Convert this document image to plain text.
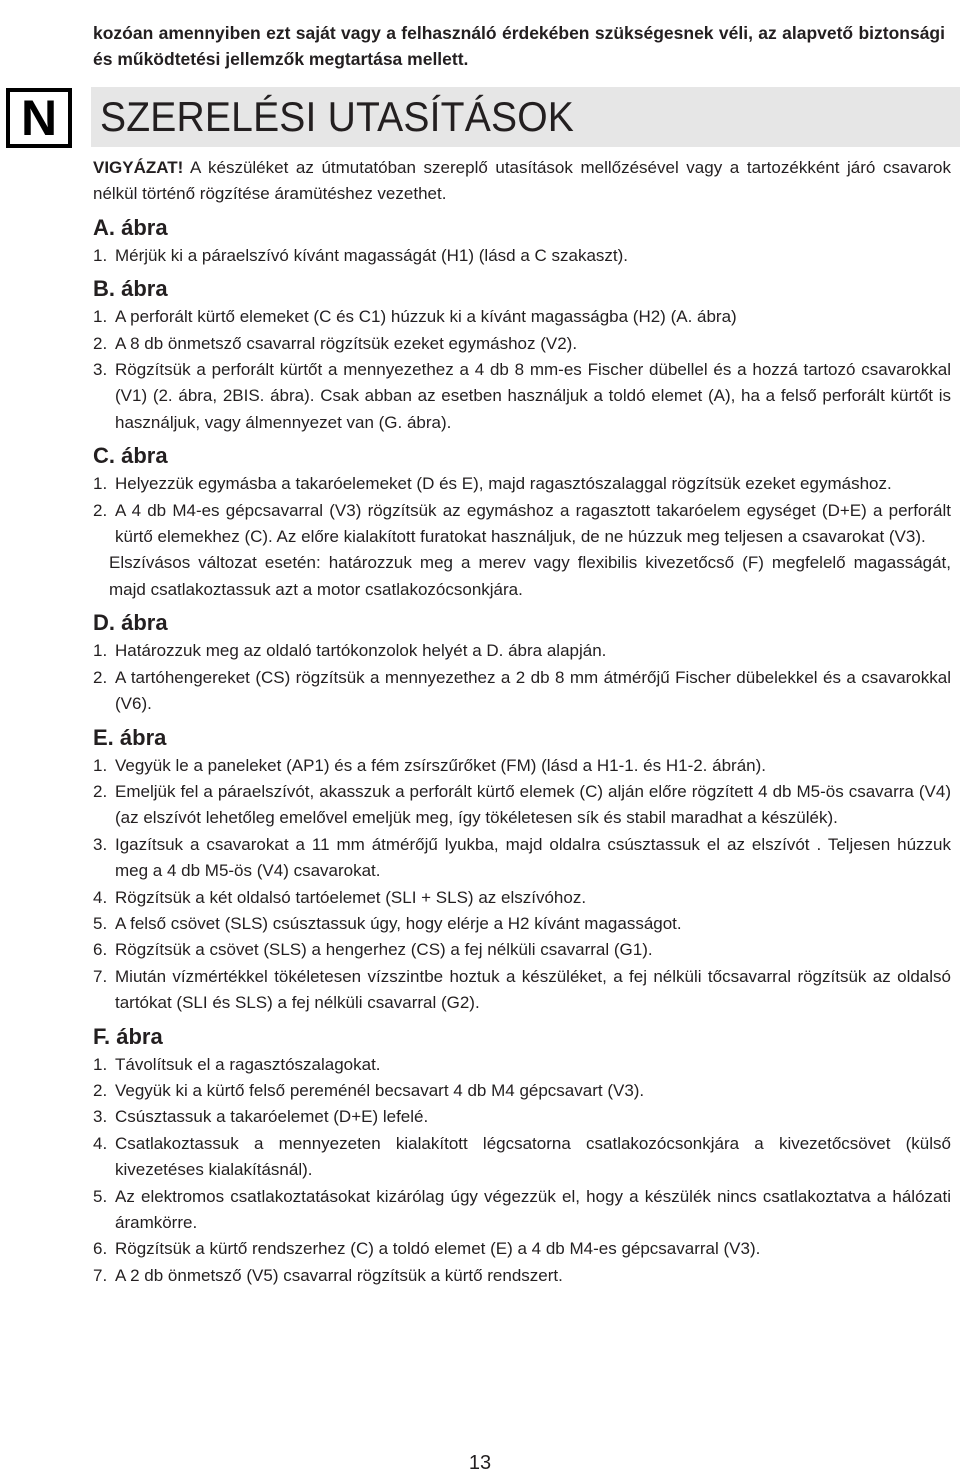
kozóan amennyiben ezt saját vagy a felhasználó érdekében szükségesnek véli, az alapvető biztonsági és működtetési jellemzők megtartása mellett.

N	SZERELÉSI UTASÍTÁSOK

VIGYÁZAT! A készüléket az útmutatóban szereplő utasítások mellőzésével vagy a tartozékként járó csavarok nélkül történő rögzítése áramütéshez vezethet.

A. ábra
1. Mérjük ki a páraelszívó kívánt magasságát (H1) (lásd a C szakaszt).
B. ábra
1. A perforált kürtő elemeket (C és C1) húzzuk ki a kívánt magasságba (H2) (A. ábra)
2. A 8 db önmetsző csavarral rögzítsük ezeket egymáshoz (V2).
3. Rögzítsük a perforált kürtőt a mennyezethez a 4 db 8 mm-es Fischer dübellel és a hozzá tartozó csavarokkal (V1) (2. ábra, 2BIS. ábra). Csak abban az esetben használjuk a toldó elemet (A), ha a felső perforált kürtőt is használjuk, vagy álmennyezet van (G. ábra).
C. ábra
1. Helyezzük egymásba a takaróelemeket (D és E), majd ragasztószalaggal rögzítsük ezeket egymáshoz.
2. A 4 db M4-es gépcsavarral (V3) rögzítsük az egymáshoz a ragasztott takaróelem egységet (D+E) a perforált kürtő elemekhez (C). Az előre kialakított furatokat használjuk, de ne húzzuk meg teljesen a csavarokat (V3).

Elszívásos változat esetén: határozzuk meg a merev vagy flexibilis kivezetőcső (F) megfelelő magasságát, majd csatlakoztassuk azt a motor csatlakozócsonkjára.

D. ábra
1. Határozzuk meg az oldaló tartókonzolok helyét a D. ábra alapján.
2. A tartóhengereket (CS) rögzítsük a mennyezethez a 2 db 8 mm átmérőjű Fischer dübelekkel és a csavarokkal (V6).
E. ábra
1. Vegyük le a paneleket (AP1) és a fém zsírszűrőket (FM) (lásd a H1-1. és H1-2. ábrán).
2. Emeljük fel a páraelszívót, akasszuk a perforált kürtő elemek (C) alján előre rögzített 4 db M5-ös csavarra (V4) (az elszívót lehetőleg emelővel emeljük meg, így tökéletesen sík és stabil maradhat a készülék).
3. Igazítsuk a csavarokat a 11 mm átmérőjű lyukba, majd oldalra csúsztassuk el az elszívót . Teljesen húzzuk meg a 4 db M5-ös (V4) csavarokat.
4. Rögzítsük a két oldalsó tartóelemet (SLI + SLS) az elszívóhoz.
5. A felső csövet (SLS) csúsztassuk úgy, hogy elérje a H2 kívánt magasságot.
6. Rögzítsük a csövet (SLS) a hengerhez (CS) a fej nélküli csavarral (G1).
7. Miután vízmértékkel tökéletesen vízszintbe hoztuk a készüléket, a fej nélküli tőcsavarral rögzítsük az oldalsó tartókat (SLI és SLS) a fej nélküli csavarral (G2).
F. ábra
1. Távolítsuk el a ragasztószalagokat.
2. Vegyük ki a kürtő felső pereménél becsavart 4 db M4 gépcsavart (V3).
3. Csúsztassuk a takaróelemet (D+E) lefelé.
4. Csatlakoztassuk a mennyezeten kialakított légcsatorna csatlakozócsonkjára a kivezetőcsövet (külső kivezetéses kialakításnál).
5. Az elektromos csatlakoztatásokat kizárólag úgy végezzük el, hogy a készülék nincs csatlakoztatva a hálózati áramkörre.
6. Rögzítsük a kürtő rendszerhez (C) a toldó elemet (E) a 4 db M4-es gépcsavarral (V3).
7. A 2 db önmetsző (V5) csavarral rögzítsük a kürtő rendszert.
13
